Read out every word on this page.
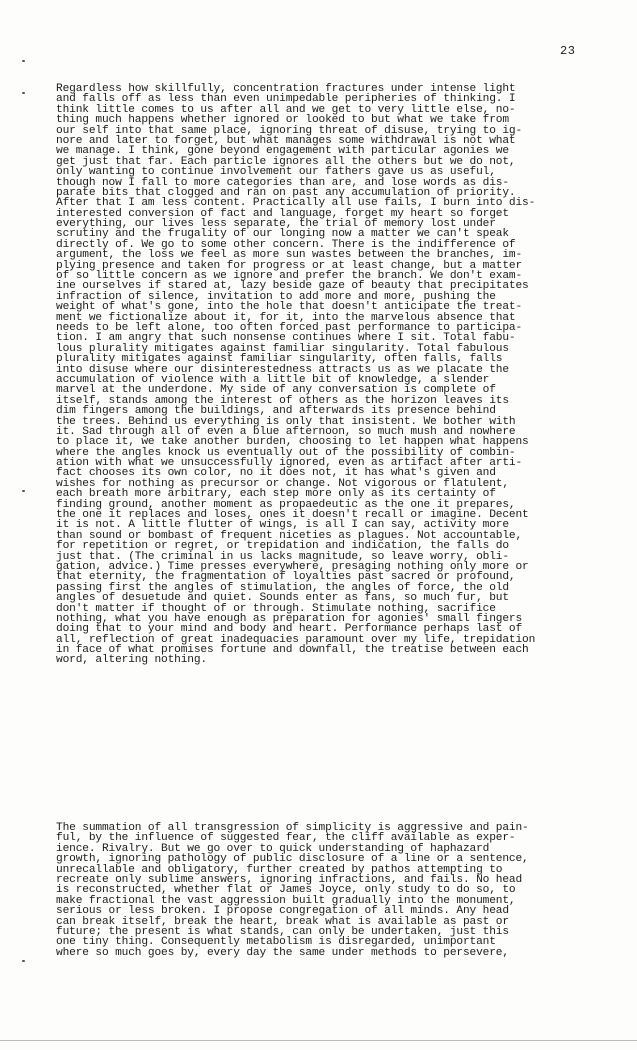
23
Regardless how skillfully, concentration fractures under intense light
and falls off as less than even unimpedable peripheries of thinking. I
think little comes to us after all and we get to very little else, no-
thing much happens whether ignored or looked to but what we take from
our self into that same place, ignoring threat of disuse, trying to ig-
nore and later to forget, but what manages some withdrawal is not what
we manage. I think, gone beyond engagement with particular agonies we
get just that far. Each particle ignores all the others but we do not,
only wanting to continue involvement our fathers gave us as useful,
though now I fall to more categories than are, and lose words as dis-
parate bits that clogged and ran on past any accumulation of priority.
After that I am less content. Practically all use fails, I burn into dis-
interested conversion of fact and language, forget my heart so forget
everything, our lives less separate, the trial of memory lost under
scrutiny and the frugality of our longing now a matter we can't speak
directly of. We go to some other concern. There is the indifference of
argument, the loss we feel as more sun wastes between the branches, im-
plying presence and taken for progress or at least change, but a matter
of so little concern as we ignore and prefer the branch. We don't exam-
ine ourselves if stared at, lazy beside gaze of beauty that precipitates
infraction of silence, invitation to add more and more, pushing the
weight of what's gone, into the hole that doesn't anticipate the treat-
ment we fictionalize about it, for it, into the marvelous absence that
needs to be left alone, too often forced past performance to participa-
tion. I am angry that such nonsense continues where I sit. Total fabu-
lous plurality mitigates against familiar singularity. Total fabulous
plurality mitigates against familiar singularity, often falls, falls
into disuse where our disinterestedness attracts us as we placate the
accumulation of violence with a little bit of knowledge, a slender
marvel at the underdone. My side of any conversation is complete of
itself, stands among the interest of others as the horizon leaves its
dim fingers among the buildings, and afterwards its presence behind
the trees. Behind us everything is only that insistent. We bother with
it. Sad through all of even a blue afternoon, so much mush and nowhere
to place it, we take another burden, choosing to let happen what happens
where the angles knock us eventually out of the possibility of combin-
ation with what we unsuccessfully ignored, even as artifact after arti-
fact chooses its own color, no it does not, it has what's given and
wishes for nothing as precursor or change. Not vigorous or flatulent,
each breath more arbitrary, each step more only as its certainty of
finding ground, another moment as propaedeutic as the one it prepares,
the one it replaces and loses, ones it doesn't recall or imagine. Decent
it is not. A little flutter of wings, is all I can say, activity more
than sound or bombast of frequent niceties as plagues. Not accountable,
for repetition or regret, or trepidation and indication, the falls do
just that. (The criminal in us lacks magnitude, so leave worry, obli-
gation, advice.) Time presses everywhere, presaging nothing only more or
that eternity, the fragmentation of loyalties past sacred or profound,
passing first the angles of stimulation, the angles of force, the old
angles of desuetude and quiet. Sounds enter as fans, so much fur, but
don't matter if thought of or through. Stimulate nothing, sacrifice
nothing, what you have enough as preparation for agonies' small fingers
doing that to your mind and body and heart. Performance perhaps last of
all, reflection of great inadequacies paramount over my life, trepidation
in face of what promises fortune and downfall, the treatise between each
word, altering nothing.
The summation of all transgression of simplicity is aggressive and pain-
ful, by the influence of suggested fear, the cliff available as exper-
ience. Rivalry. But we go over to quick understanding of haphazard
growth, ignoring pathology of public disclosure of a line or a sentence,
unrecallable and obligatory, further created by pathos attempting to
recreate only sublime answers, ignoring infractions, and fails. No head
is reconstructed, whether flat or James Joyce, only study to do so, to
make fractional the vast aggression built gradually into the monument,
serious or less broken. I propose congregation of all minds. Any head
can break itself, break the heart, break what is available as past or
future; the present is what stands, can only be undertaken, just this
one tiny thing. Consequently metabolism is disregarded, unimportant
where so much goes by, every day the same under methods to persevere,
